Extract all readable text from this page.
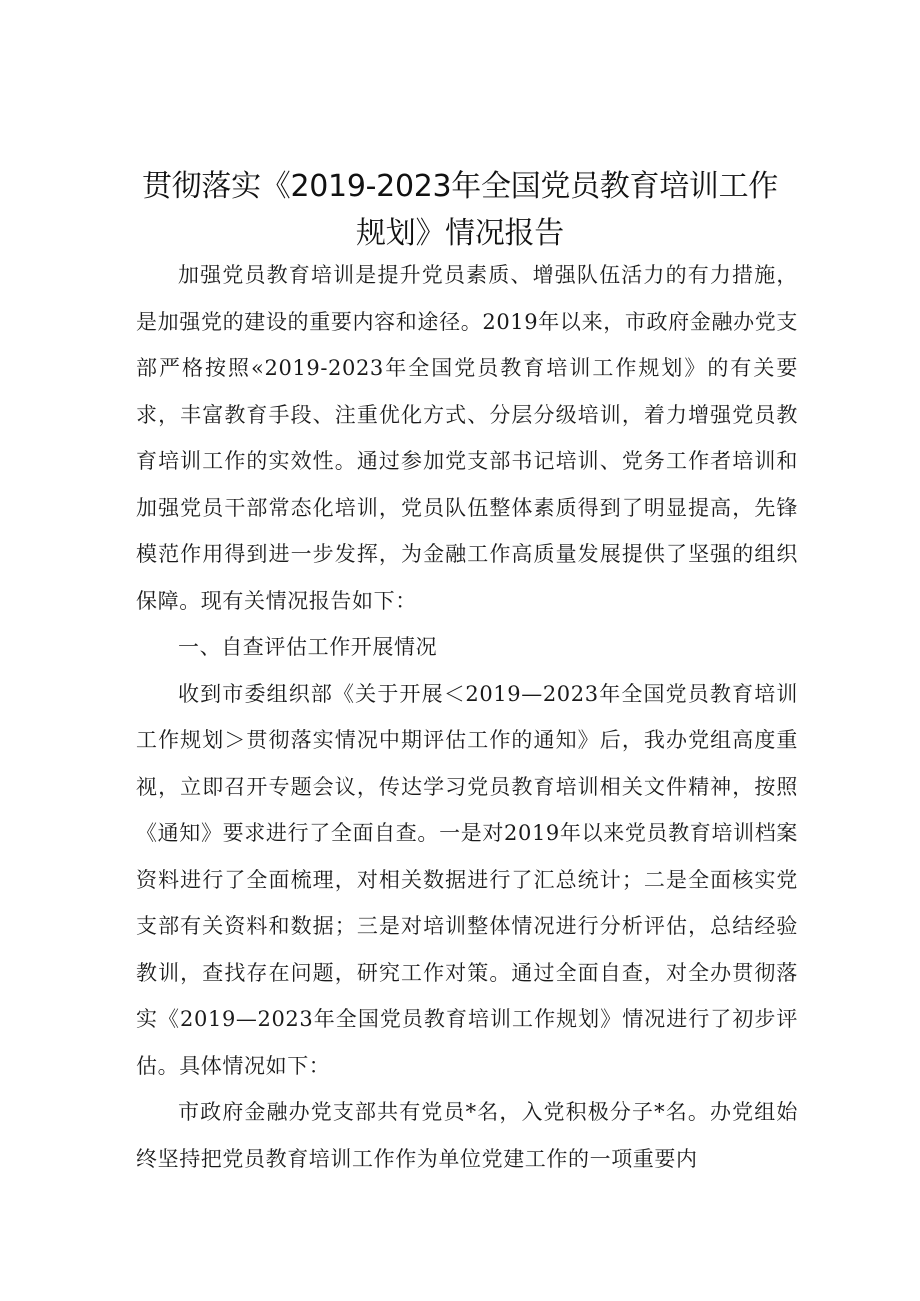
贯彻落实《2019-2023年全国党员教育培训工作
规划》情况报告

加强党员教育培训是提升党员素质、增强队伍活力的有力措施，是加强党的建设的重要内容和途径。2019年以来，市政府金融办党支部严格按照«2019-2023年全国党员教育培训工作规划》的有关要求，丰富教育手段、注重优化方式、分层分级培训，着力增强党员教育培训工作的实效性。通过参加党支部书记培训、党务工作者培训和加强党员干部常态化培训，党员队伍整体素质得到了明显提高，先锋模范作用得到进一步发挥，为金融工作高质量发展提供了坚强的组织保障。现有关情况报告如下：

一、自查评估工作开展情况

收到市委组织部《关于开展＜2019—2023年全国党员教育培训工作规划＞贯彻落实情况中期评估工作的通知》后，我办党组高度重视，立即召开专题会议，传达学习党员教育培训相关文件精神，按照《通知》要求进行了全面自查。一是对2019年以来党员教育培训档案资料进行了全面梳理，对相关数据进行了汇总统计；二是全面核实党支部有关资料和数据；三是对培训整体情况进行分析评估，总结经验教训，查找存在问题，研究工作对策。通过全面自查，对全办贯彻落实《2019—2023年全国党员教育培训工作规划》情况进行了初步评估。具体情况如下：

市政府金融办党支部共有党员*名，入党积极分子*名。办党组始终坚持把党员教育培训工作作为单位党建工作的一项重要内
